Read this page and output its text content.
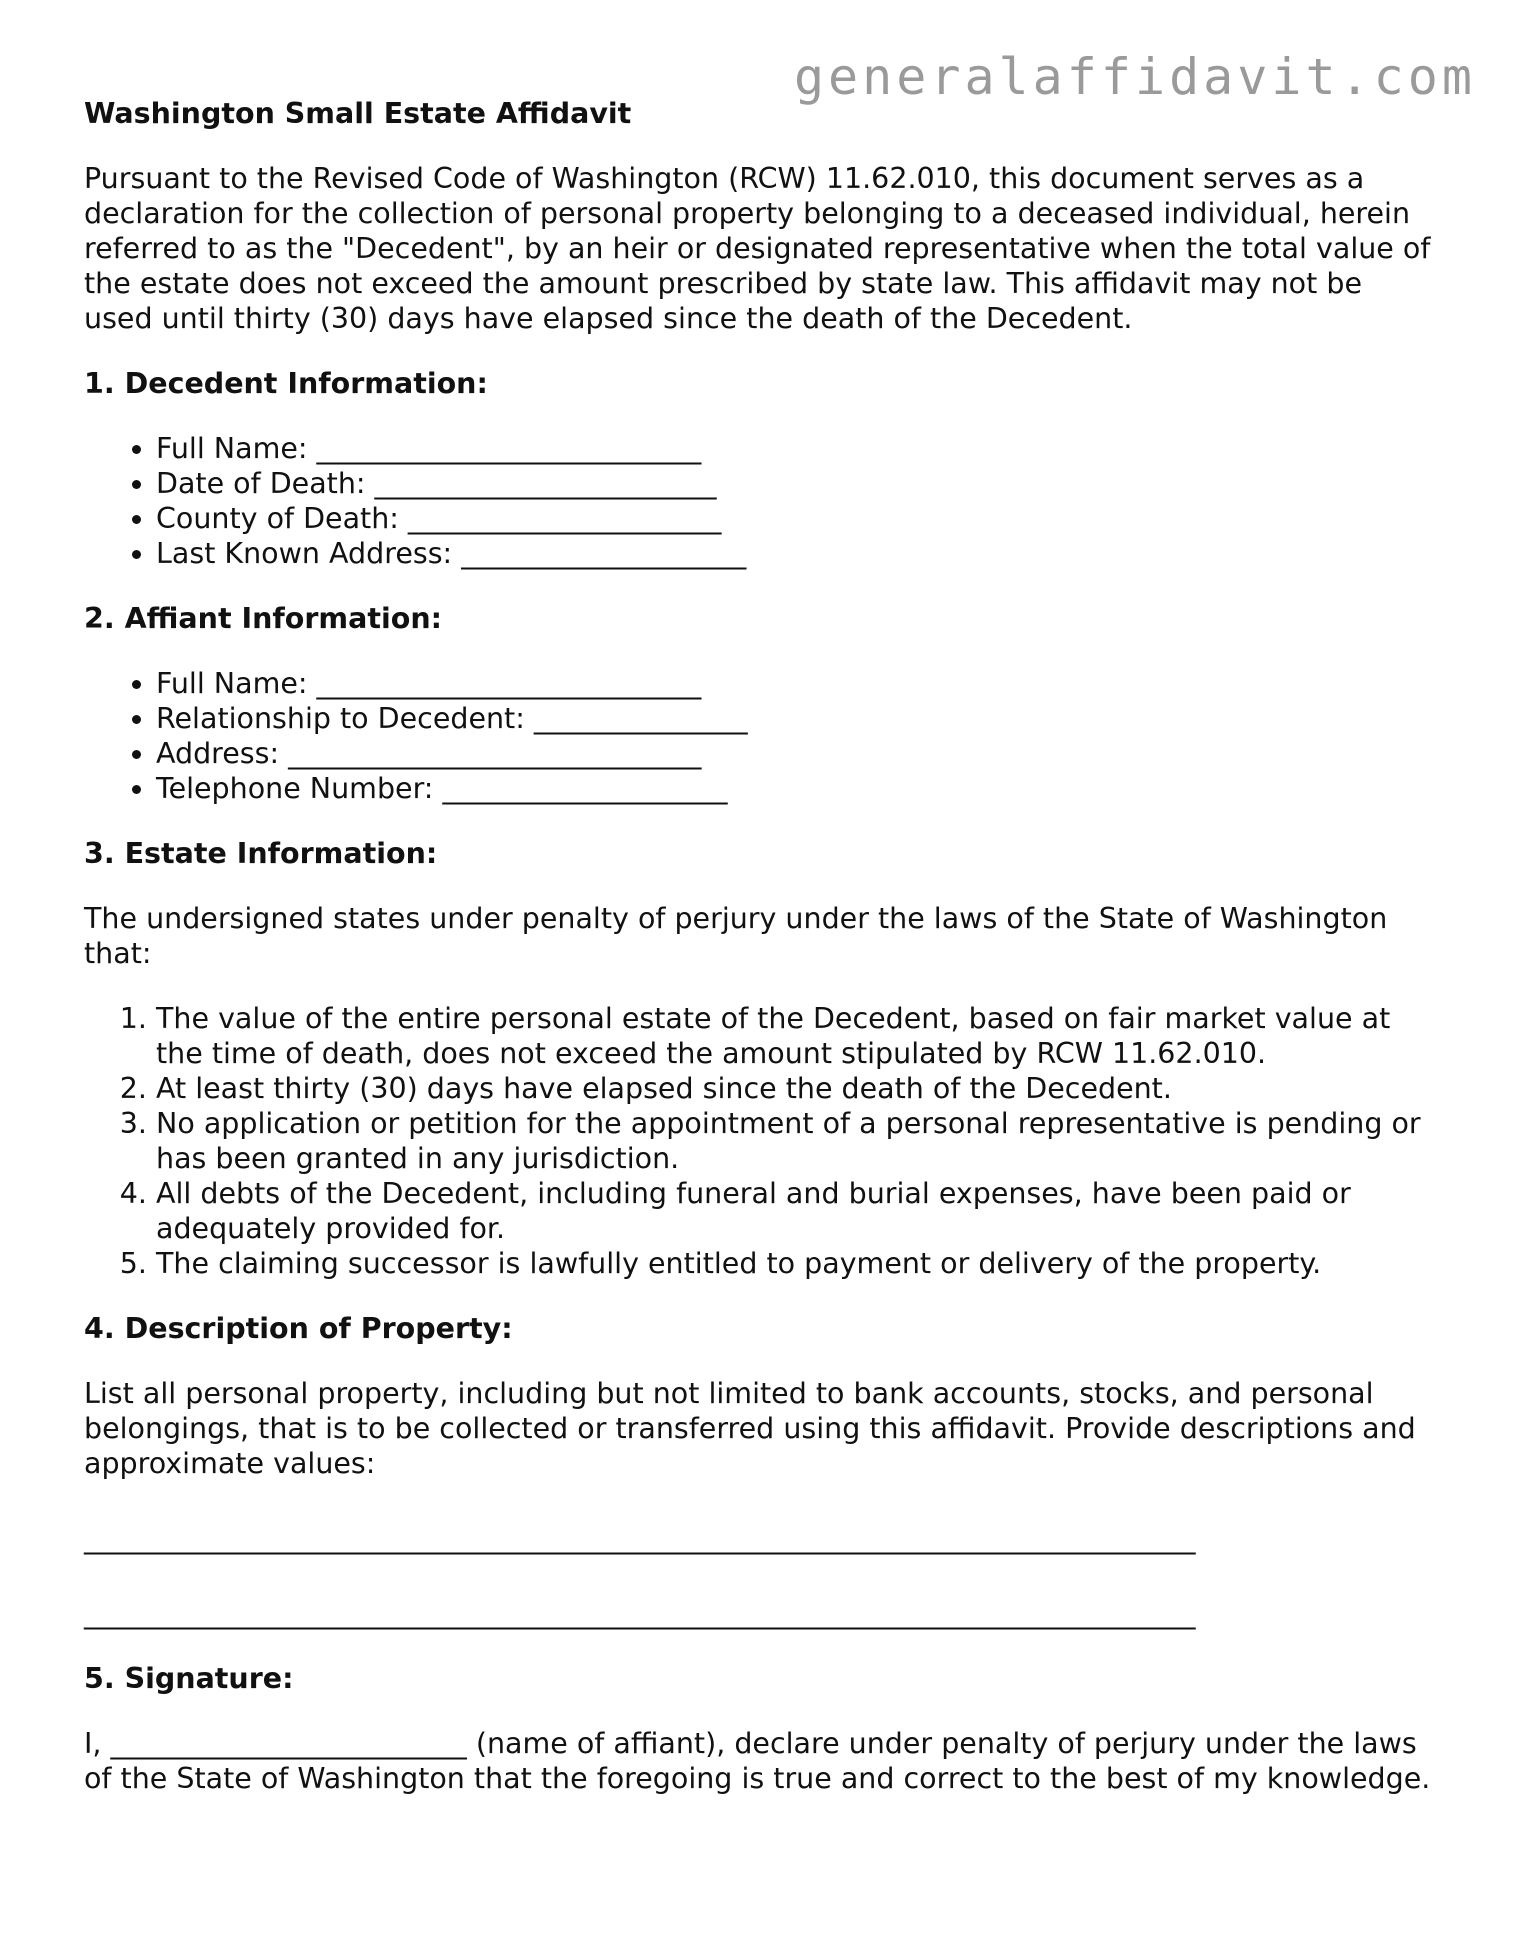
generalaffidavit.com
Washington Small Estate Affidavit

Pursuant to the Revised Code of Washington (RCW) 11.62.010, this document serves as a declaration for the collection of personal property belonging to a deceased individual, herein referred to as the "Decedent", by an heir or designated representative when the total value of the estate does not exceed the amount prescribed by state law. This affidavit may not be used until thirty (30) days have elapsed since the death of the Decedent.

1. Decedent Information:
• Full Name: ___________________________
• Date of Death: ________________________
• County of Death: ______________________
• Last Known Address: ____________________
2. Affiant Information:
• Full Name: ___________________________
• Relationship to Decedent: _______________
• Address: _____________________________
• Telephone Number: ____________________
3. Estate Information:

The undersigned states under penalty of perjury under the laws of the State of Washington that:

1. The value of the entire personal estate of the Decedent, based on fair market value at the time of death, does not exceed the amount stipulated by RCW 11.62.010.
2. At least thirty (30) days have elapsed since the death of the Decedent.
3. No application or petition for the appointment of a personal representative is pending or has been granted in any jurisdiction.
4. All debts of the Decedent, including funeral and burial expenses, have been paid or adequately provided for.
5. The claiming successor is lawfully entitled to payment or delivery of the property.
4. Description of Property:

List all personal property, including but not limited to bank accounts, stocks, and personal belongings, that is to be collected or transferred using this affidavit. Provide descriptions and approximate values:

______________________________________________________________________________
______________________________________________________________________________
5. Signature:

I, _________________________ (name of affiant), declare under penalty of perjury under the laws of the State of Washington that the foregoing is true and correct to the best of my knowledge.
